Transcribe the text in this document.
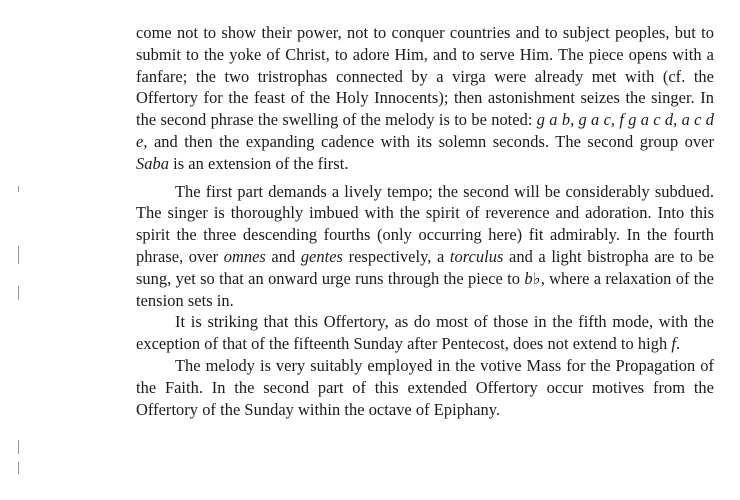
come not to show their power, not to conquer countries and to subject peoples, but to submit to the yoke of Christ, to adore Him, and to serve Him. The piece opens with a fanfare; the two tristrophas connected by a virga were already met with (cf. the Offertory for the feast of the Holy Innocents); then astonishment seizes the singer. In the second phrase the swelling of the melody is to be noted: g a b, g a c, f g a c d, a c d e, and then the expanding cadence with its solemn seconds. The second group over Saba is an extension of the first.

The first part demands a lively tempo; the second will be considerably subdued. The singer is thoroughly imbued with the spirit of reverence and adoration. Into this spirit the three descending fourths (only occurring here) fit admirably. In the fourth phrase, over omnes and gentes respectively, a torculus and a light bistropha are to be sung, yet so that an onward urge runs through the piece to b♭, where a relaxation of the tension sets in.

It is striking that this Offertory, as do most of those in the fifth mode, with the exception of that of the fifteenth Sunday after Pentecost, does not extend to high f.

The melody is very suitably employed in the votive Mass for the Propagation of the Faith. In the second part of this extended Offertory occur motives from the Offertory of the Sunday within the octave of Epiphany.
